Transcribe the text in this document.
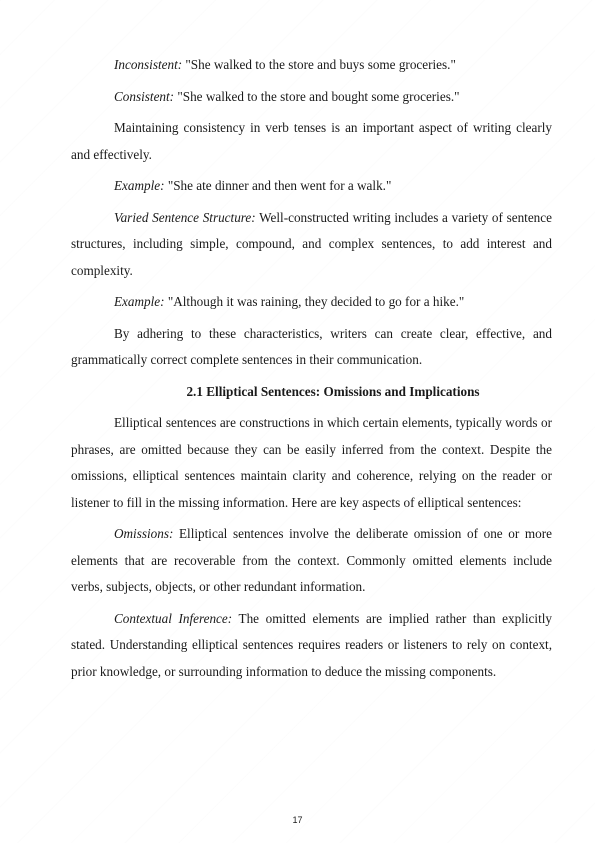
Inconsistent: "She walked to the store and buys some groceries."

Consistent: "She walked to the store and bought some groceries."

Maintaining consistency in verb tenses is an important aspect of writing clearly and effectively.

Example: "She ate dinner and then went for a walk."

Varied Sentence Structure: Well-constructed writing includes a variety of sentence structures, including simple, compound, and complex sentences, to add interest and complexity.

Example: "Although it was raining, they decided to go for a hike."

By adhering to these characteristics, writers can create clear, effective, and grammatically correct complete sentences in their communication.

2.1 Elliptical Sentences: Omissions and Implications

Elliptical sentences are constructions in which certain elements, typically words or phrases, are omitted because they can be easily inferred from the context. Despite the omissions, elliptical sentences maintain clarity and coherence, relying on the reader or listener to fill in the missing information. Here are key aspects of elliptical sentences:

Omissions: Elliptical sentences involve the deliberate omission of one or more elements that are recoverable from the context. Commonly omitted elements include verbs, subjects, objects, or other redundant information.

Contextual Inference: The omitted elements are implied rather than explicitly stated. Understanding elliptical sentences requires readers or listeners to rely on context, prior knowledge, or surrounding information to deduce the missing components.

17
